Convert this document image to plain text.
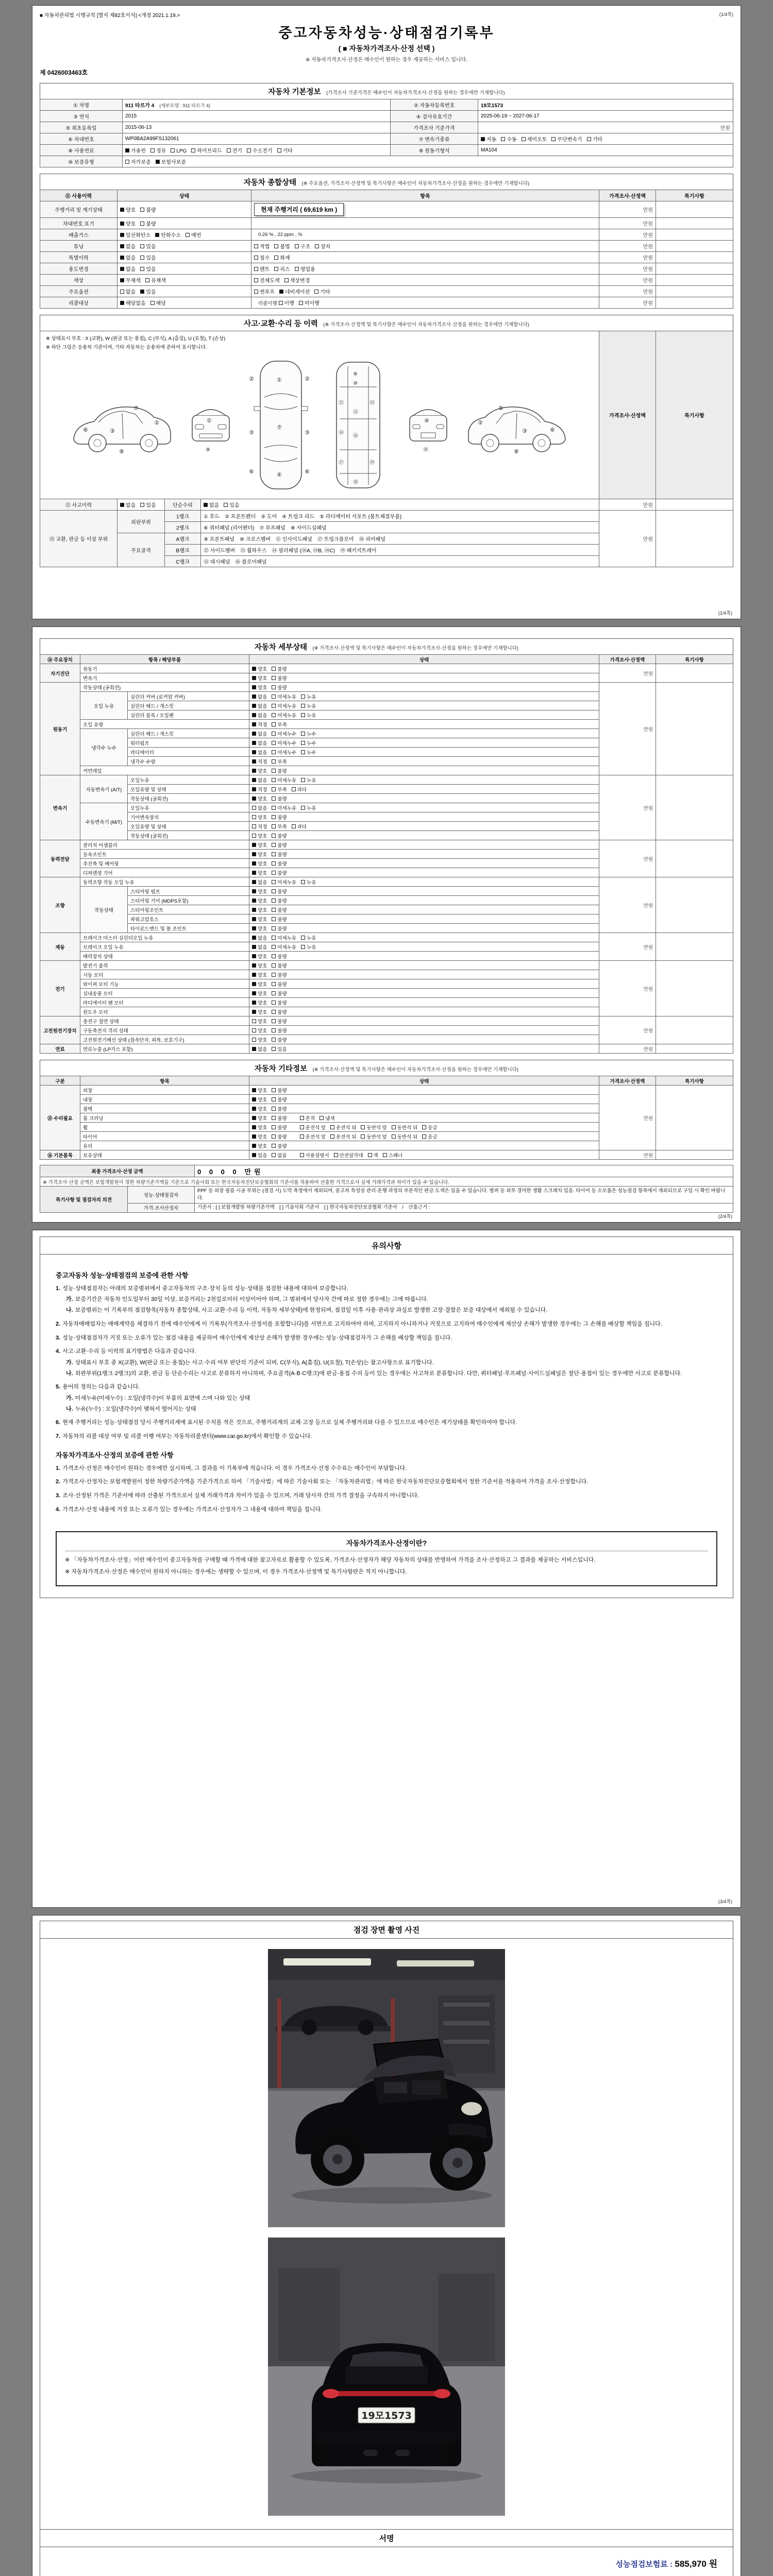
■ 자동차관리법 시행규칙 [별지 제82호서식] <개정 2021.1.19.>	(1/4쪽)
중고자동차성능·상태점검기록부
( ■ 자동차가격조사·산정 선택 )
※ 자동차가격조사·산정은 매수인이 원하는 경우 제공하는 서비스 입니다.
제 0426003463호
자동차 기본정보 (가격조사 기준가격은 매수인이 자동차가격조사·산정을 원하는 경우에만 기재합니다)
① 차명	911 타르가 4　 (세부모델 : 911 타르가 4)	② 자동차등록번호	19모1573
③ 연식	2015	④ 검사유효기간	2025-06-19 ~ 2027-06-17
⑤ 최초등록일	2015-06-13	가격조사 기준가격	만원
⑥ 차대번호	WP0BA2A99FS132061	⑦ 변속기종류	자동 수동 세미오토 무단변속기 기타
⑧ 사용연료	가솔린 경유 LPG 하이브리드 전기 수소전기 기타	⑨ 원동기형식	MA104
⑩ 보증유형	자가보증 보험사보증		
자동차 종합상태 (※ 주요옵션, 가격조사·산정액 및 특기사항은 매수인이 자동차가격조사·산정을 원하는 경우에만 기재합니다)
⑪ 사용이력	상태	항목	가격조사·산정액	특기사항
주행거리 및 계기상태	양호 불량	현재 주행거리 ( 69,619 km )	만원	
차대번호 표기	양호 불량		만원	
배출가스	일산화탄소 탄화수소 매연	0.26 % , 22 ppm , %	만원	
튜닝	없음 있음	적법 불법 구조 장치	만원	
특별이력	없음 있음	침수 화재	만원	
용도변경	없음 있음	렌트 리스 영업용	만원	
색상	무채색 유채색	전체도색 색상변경	만원	
주요옵션	없음 있음	썬루프 네비게이션 기타	만원	
리콜대상	해당없음 해당	리콜이행 이행 미이행	만원	
사고·교환·수리 등 이력 (※ 가격조사·산정액 및 특기사항은 매수인이 자동차가격조사·산정을 원하는 경우에만 기재합니다)
※ 상태표시 부호 : X (교환), W (판금 또는 용접), C (부식), A (흠집), U (요철), T (손상)
※ 하단 그림은 승용차 기준이며, 기타 자동차는 승용차에 준하여 표시합니다.
③
②
⑥
⑦
⑧
①
⑨
①
⑦
④
③	③
②	②
⑥	⑥
⑨
⑩
⑫	⑬
⑮
⑯
⑭
⑰	⑲
⑱
④
⑱
③
②
⑥
⑤
⑧
	가격조사·산정액	특기사항
⑫ 사고이력	없음 있음	단순수리	없음 있음	만원	
⑬ 교환, 판금 등 이상 부위	외판부위	1랭크	① 후드　② 프론트펜더　③ 도어　④ 트렁크 리드　⑤ 라디에이터 서포트 (볼트체결부품)	만원	
		2랭크	⑥ 쿼터패널 (리어펜더)　⑦ 루프패널　⑧ 사이드실패널		
	주요골격	A랭크	⑨ 프론트패널　⑩ 크로스멤버　⑪ 인사이드패널　⑰ 트렁크플로어　⑱ 리어패널		
		B랭크	⑫ 사이드멤버　⑬ 휠하우스　⑭ 필러패널 (⑭A, ⑭B, ⑭C)　⑲ 패키지트레이		
		C랭크	⑮ 대시패널　⑯ 플로어패널		
(1/4쪽)
자동차 세부상태 (※ 가격조사·산정액 및 특기사항은 매수인이 자동차가격조사·산정을 원하는 경우에만 기재합니다)
⑭ 주요장치	항목 / 해당부품		상태	가격조사·산정액	특기사항
자기진단	원동기		양호 불량	만원	
	변속기		양호 불량		
원동기	작동상태 (공회전)		양호 불량	만원	
	오일 누유	실린더 커버 (로커암 커버)	없음 미세누유 누유		
		실린더 헤드 / 개스킷	없음 미세누유 누유		
		실린더 블록 / 오일팬	없음 미세누유 누유		
	오일 유량		적정 부족		
	냉각수 누수	실린더 헤드 / 개스킷	없음 미세누수 누수		
		워터펌프	없음 미세누수 누수		
		라디에이터	없음 미세누수 누수		
		냉각수 수량	적정 부족		
	커먼레일		양호 불량		
변속기	자동변속기 (A/T)	오일누유	없음 미세누유 누유	만원	
		오일유량 및 상태	적정 부족 과다		
		작동상태 (공회전)	양호 불량		
	수동변속기 (M/T)	오일누유	없음 미세누유 누유		
		기어변속장치	양호 불량		
		오일유량 및 상태	적정 부족 과다		
		작동상태 (공회전)	양호 불량		
동력전달	클러치 어셈블리		양호 불량	만원	
	등속조인트		양호 불량		
	추진축 및 베어링		양호 불량		
	디퍼렌셜 기어		양호 불량		
조향	동력조향 작동 오일 누유		없음 미세누유 누유	만원	
	작동상태	스티어링 펌프	양호 불량		
		스티어링 기어 (MDPS포함)	양호 불량		
		스티어링조인트	양호 불량		
		파워고압호스	양호 불량		
		타이로드엔드 및 볼 조인트	양호 불량		
제동	브레이크 마스터 실린더오일 누유		없음 미세누유 누유	만원	
	브레이크 오일 누유		없음 미세누유 누유		
	배력장치 상태		양호 불량		
전기	발전기 출력		양호 불량	만원	
	시동 모터		양호 불량		
	와이퍼 모터 기능		양호 불량		
	실내송풍 모터		양호 불량		
	라디에이터 팬 모터		양호 불량		
	윈도우 모터		양호 불량		
고전원전기장치	충전구 절연 상태		양호 불량	만원	
	구동축전지 격리 상태		양호 불량		
	고전원전기배선 상태 (접속단자, 피복, 보호기구)		양호 불량		
연료	연료누출 (LP가스 포함)		없음 있음	만원	
자동차 기타정보 (※ 가격조사·산정액 및 특기사항은 매수인이 자동차가격조사·산정을 원하는 경우에만 기재합니다)
구분	항목	상태	가격조사·산정액	특기사항
⑮ 수리필요	외장	양호 불량	만원	
	내장	양호 불량		
	광택	양호 불량		
	룸 크리닝	양호 불량 흔적 냄새		
	휠	양호 불량 운전석 앞 운전석 뒤 동반석 앞 동반석 뒤 응급		
	타이어	양호 불량 운전석 앞 운전석 뒤 동반석 앞 동반석 뒤 응급		
	유리	양호 불량		
⑯ 기본품목	보유상태	있음 없음 사용설명서 안전삼각대 잭 스패너	만원	
최종 가격조사·산정 금액		0 0 0 0 만원
※ 가격조사·산정 금액은 보험개발원이 정한 차량기준가액을 기준으로 기술사회 또는 한국자동차진단보증협회의 기준서를 적용하여 산출한 가격으로서 실제 거래가격과 차이가 있을 수 있습니다.		
특기사항 및 점검자의 의견	성능·상태점검자	PPF 등 외장 필름 시공 부위는 (점검 시) 도막 측정에서 제외되며, 중고차 특성상 관리·운행 과정의 부분적인 판금·도색은 있을 수 있습니다. 범퍼 등 외부 경미한 생활 스크래치 있음. 타이어 등 소모품은 성능점검 항목에서 제외되므로 구입 시 확인 바랍니다.
	가격·조사산정자	기준서 : [ ] 보험개발원 차량기준가액　[ ] 기술사회 기준서　[ ] 한국자동차진단보증협회 기준서　/　산출근거 :
(2/4쪽)
유의사항
중고자동차 성능·상태점검의 보증에 관한 사항
1. 성능·상태점검자는 아래의 보증범위에서 중고자동차의 구조·장치 등의 성능·상태를 점검한 내용에 대하여 보증합니다.
가. 보증기간은 자동차 인도일부터 30일 이상, 보증거리는 2천킬로미터 이상이어야 하며, 그 범위에서 당사자 간에 따로 정한 경우에는 그에 따릅니다.
나. 보증범위는 이 기록부의 점검항목(자동차 종합상태, 사고·교환·수리 등 이력, 자동차 세부상태)에 한정되며, 점검일 이후 사용·관리상 과실로 발생한 고장·결함은 보증 대상에서 제외될 수 있습니다.
2. 자동차매매업자는 매매계약을 체결하기 전에 매수인에게 이 기록부(가격조사·산정서를 포함합니다)를 서면으로 고지하여야 하며, 고지하지 아니하거나 거짓으로 고지하여 매수인에게 재산상 손해가 발생한 경우에는 그 손해를 배상할 책임을 집니다.
3. 성능·상태점검자가 거짓 또는 오류가 있는 점검 내용을 제공하여 매수인에게 재산상 손해가 발생한 경우에는 성능·상태점검자가 그 손해를 배상할 책임을 집니다.
4. 사고·교환·수리 등 이력의 표기방법은 다음과 같습니다.
가. 상태표시 부호 중 X(교환), W(판금 또는 용접)는 사고·수리 여부 판단의 기준이 되며, C(부식), A(흠집), U(요철), T(손상)는 참고사항으로 표기합니다.
나. 외판부위(1랭크·2랭크)의 교환, 판금 등 단순수리는 사고로 분류하지 아니하며, 주요골격(A·B·C랭크)에 판금·용접 수리 등이 있는 경우에는 사고차로 분류합니다. 다만, 쿼터패널·루프패널·사이드실패널은 절단·용접이 있는 경우에만 사고로 분류합니다.
5. 용어의 정의는 다음과 같습니다.
가. 미세누유(미세누수) : 오일(냉각수)이 부품의 표면에 스며 나와 있는 상태
나. 누유(누수) : 오일(냉각수)이 맺혀서 떨어지는 상태
6. 현재 주행거리는 성능·상태점검 당시 주행거리계에 표시된 수치를 적은 것으로, 주행거리계의 교체·고장 등으로 실제 주행거리와 다를 수 있으므로 매수인은 계기상태를 확인하여야 합니다.
7. 자동차의 리콜 대상 여부 및 리콜 이행 여부는 자동차리콜센터(www.car.go.kr)에서 확인할 수 있습니다.
자동차가격조사·산정의 보증에 관한 사항
1. 가격조사·산정은 매수인이 원하는 경우에만 실시하며, 그 결과를 이 기록부에 적습니다. 이 경우 가격조사·산정 수수료는 매수인이 부담합니다.
2. 가격조사·산정자는 보험개발원이 정한 차량기준가액을 기준가격으로 하여 「기술사법」에 따른 기술사회 또는 「자동차관리법」에 따른 한국자동차진단보증협회에서 정한 기준서를 적용하여 가격을 조사·산정합니다.
3. 조사·산정된 가격은 기준서에 따라 산출된 가격으로서 실제 거래가격과 차이가 있을 수 있으며, 거래 당사자 간의 가격 결정을 구속하지 아니합니다.
4. 가격조사·산정 내용에 거짓 또는 오류가 있는 경우에는 가격조사·산정자가 그 내용에 대하여 책임을 집니다.
자동차가격조사·산정이란?
※ 「자동차가격조사·산정」이란 매수인이 중고자동차를 구매할 때 가격에 대한 참고자료로 활용할 수 있도록, 가격조사·산정자가 해당 자동차의 상태를 반영하여 가격을 조사·산정하고 그 결과를 제공하는 서비스입니다.
※ 자동차가격조사·산정은 매수인이 원하지 아니하는 경우에는 생략할 수 있으며, 이 경우 가격조사·산정액 및 특기사항란은 적지 아니합니다.
(3/4쪽)
점검 장면 촬영 사진
19모1573
서명
성능점검보험료 : 585,970 원
